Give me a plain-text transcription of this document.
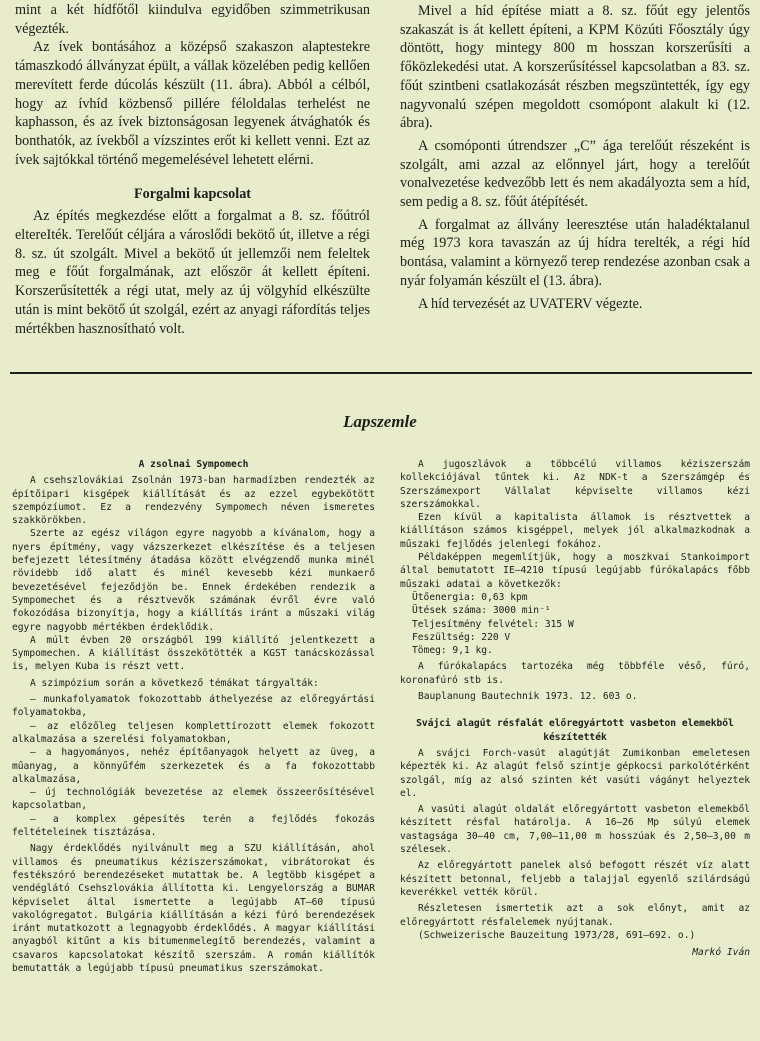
mint a két hídfőtől kiindulva egyidőben szimmetrikusan végezték.

Az ívek bontásához a középső szakaszon alaptestekre támaszkodó állványzat épült, a vállak közelében pedig kellően merevített ferde dúcolás készült (11. ábra). Abból a célból, hogy az ívhíd közbenső pillére féloldalas terhelést ne kaphasson, és az ívek biztonságosan legyenek átvághatók és bonthatók, az ívekből a vízszintes erőt ki kellett venni. Ezt az ívek sajtókkal történő megemelésével lehetett elérni.

Forgalmi kapcsolat

Az építés megkezdése előtt a forgalmat a 8. sz. főútról eltereIték. Terelőút céljára a városlődi bekötő út, illetve a régi 8. sz. út szolgált. Mivel a bekötő út jellemzői nem feleltek meg e főút forgalmának, azt először át kellett építeni. Korszerűsítették a régi utat, mely az új völgyhíd elkészülte után is mint bekötő út szolgál, ezért az anyagi ráfordítás teljes mértékben hasznosítható volt.

Mivel a híd építése miatt a 8. sz. főút egy jelentős szakaszát is át kellett építeni, a KPM Közúti Főosztály úgy döntött, hogy mintegy 800 m hosszan korszerűsíti a főközlekedési utat. A korszerűsítéssel kapcsolatban a 83. sz. főút szintbeni csatlakozását részben megszüntették, így egy nagyvonalú szépen megoldott csomópont alakult ki (12. ábra).

A csomóponti útrendszer „C” ága terelőút részeként is szolgált, ami azzal az előnnyel járt, hogy a terelőút vonalvezetése kedvezőbb lett és nem akadályozta sem a híd, sem pedig a 8. sz. főút átépítését.

A forgalmat az állvány leeresztése után haladéktalanul még 1973 kora tavaszán az új hídra terelték, a régi híd bontása, valamint a környező terep rendezése azonban csak a nyár folyamán készült el (13. ábra).

A híd tervezését az UVATERV végezte.

Lapszemle
A zsolnai Sympomech

A csehszlovákiai Zsolnán 1973-ban harmadízben rendezték az építőipari kisgépek kiállítását és az ezzel egybekötött szempózíumot. Ez a rendezvény Sympomech néven ismeretes szakkörökben.

Szerte az egész világon egyre nagyobb a kívánalom, hogy a nyers építmény, vagy vázszerkezet elkészítése és a teljesen befejezett létesítmény átadása között elvégzendő munka minél rövidebb idő alatt és minél kevesebb kézi munkaerő bevezetésével fejeződjön be. Ennek érdekében rendezik a Sympomechet és a résztvevők számának évről évre való fokozódása bizonyítja, hogy a kiállítás iránt a műszaki világ egyre nagyobb mértékben érdeklődik.

A múlt évben 20 országból 199 kiállító jelentkezett a Sympomechen. A kiállítást összekötötték a KGST tanácskozással is, melyen Kuba is részt vett.

A szimpózium során a következő témákat tárgyalták:

— munkafolyamatok fokozottabb áthelyezése az előregyártási folyamatokba,

— az előzőleg teljesen komplettírozott elemek fokozott alkalmazása a szerelési folyamatokban,

— a hagyományos, nehéz építőanyagok helyett az üveg, a műanyag, a könnyűfém szerkezetek és a fa fokozottabb alkalmazása,

— új technológiák bevezetése az elemek összeerősítésével kapcsolatban,

— a komplex gépesítés terén a fejlődés fokozás feltételeinek tisztázása.

Nagy érdeklődés nyilvánult meg a SZU kiállításán, ahol villamos és pneumatikus kéziszerszámokat, vibrátorokat és festékszóró berendezéseket mutattak be. A legtöbb kisgépet a vendéglátó Csehszlovákia állította ki. Lengyelország a BUMAR képviselet által ismertette a legújabb AT—60 típusú vakológregatot. Bulgária kiállításán a kézi fúró berendezések iránt mutatkozott a legnagyobb érdeklődés. A magyar kiállítási anyagból kitűnt a kis bitumenmelegítő berendezés, valamint a csavaros kapcsolatokat készítő szerszám. A román kiállítók bemutatták a legújabb típusú pneumatikus szerszámokat.

A jugoszlávok a többcélú villamos kéziszerszám kollekciójával tűntek ki. Az NDK-t a Szerszámgép és Szerszámexport Vállalat képviselte villamos kézi szerszámokkal.

Ezen kívül a kapitalista államok is résztvettek a kiállításon számos kisgéppel, melyek jól alkalmazkodnak a műszaki fejlődés jelenlegi fokához.

Példaképpen megemlítjük, hogy a moszkvai Stankoimport által bemutatott IE—4210 típusú legújabb fúrókalapács főbb műszaki adatai a következők:

Ütőenergia: 0,63 kpm
Ütések száma: 3000 min⁻¹
Teljesítmény felvétel: 315 W
Feszültség: 220 V
Tömeg: 9,1 kg.

A fúrókalapács tartozéka még többféle véső, fúró, koronafúró stb is.

Bauplanung Bautechnik 1973. 12. 603 o.

Svájci alagút résfalát előregyártott vasbeton elemekből készítették

A svájci Forch-vasút alagútját Zumikonban emeletesen képezték ki. Az alagút felső szintje gépkocsi parkolótérként szolgál, míg az alsó szinten két vasúti vágányt helyeztek el.

A vasúti alagút oldalát előregyártott vasbeton elemekből készített résfal határolja. A 16—26 Mp súlyú elemek vastagsága 30—40 cm, 7,00—11,00 m hosszúak és 2,50—3,00 m szélesek.

Az előregyártott panelek alsó befogott részét víz alatt készített betonnal, feljebb a talajjal egyenlő szilárdságú keverékkel vették körül.

Részletesen ismertetik azt a sok előnyt, amit az előregyártott résfalelemek nyújtanak.

(Schweizerische Bauzeitung 1973/28, 691—692. o.)

Markó Iván
